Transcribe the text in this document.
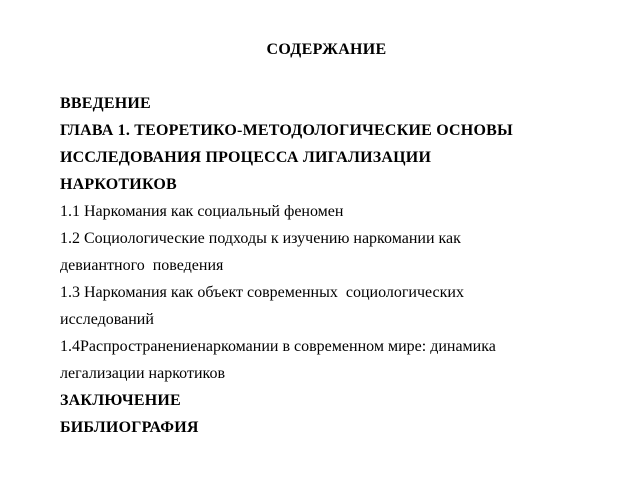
СОДЕРЖАНИЕ
ВВЕДЕНИЕ
ГЛАВА 1. ТЕОРЕТИКО-МЕТОДОЛОГИЧЕСКИЕ ОСНОВЫ
ИССЛЕДОВАНИЯ ПРОЦЕССА ЛИГАЛИЗАЦИИ
НАРКОТИКОВ
1.1 Наркомания как социальный феномен
1.2 Социологические подходы к изучению наркомании как
девиантного  поведения
1.3 Наркомания как объект современных  социологических
исследований
1.4Распространениенаркомании в современном мире: динамика
легализации наркотиков
ЗАКЛЮЧЕНИЕ
БИБЛИОГРАФИЯ
